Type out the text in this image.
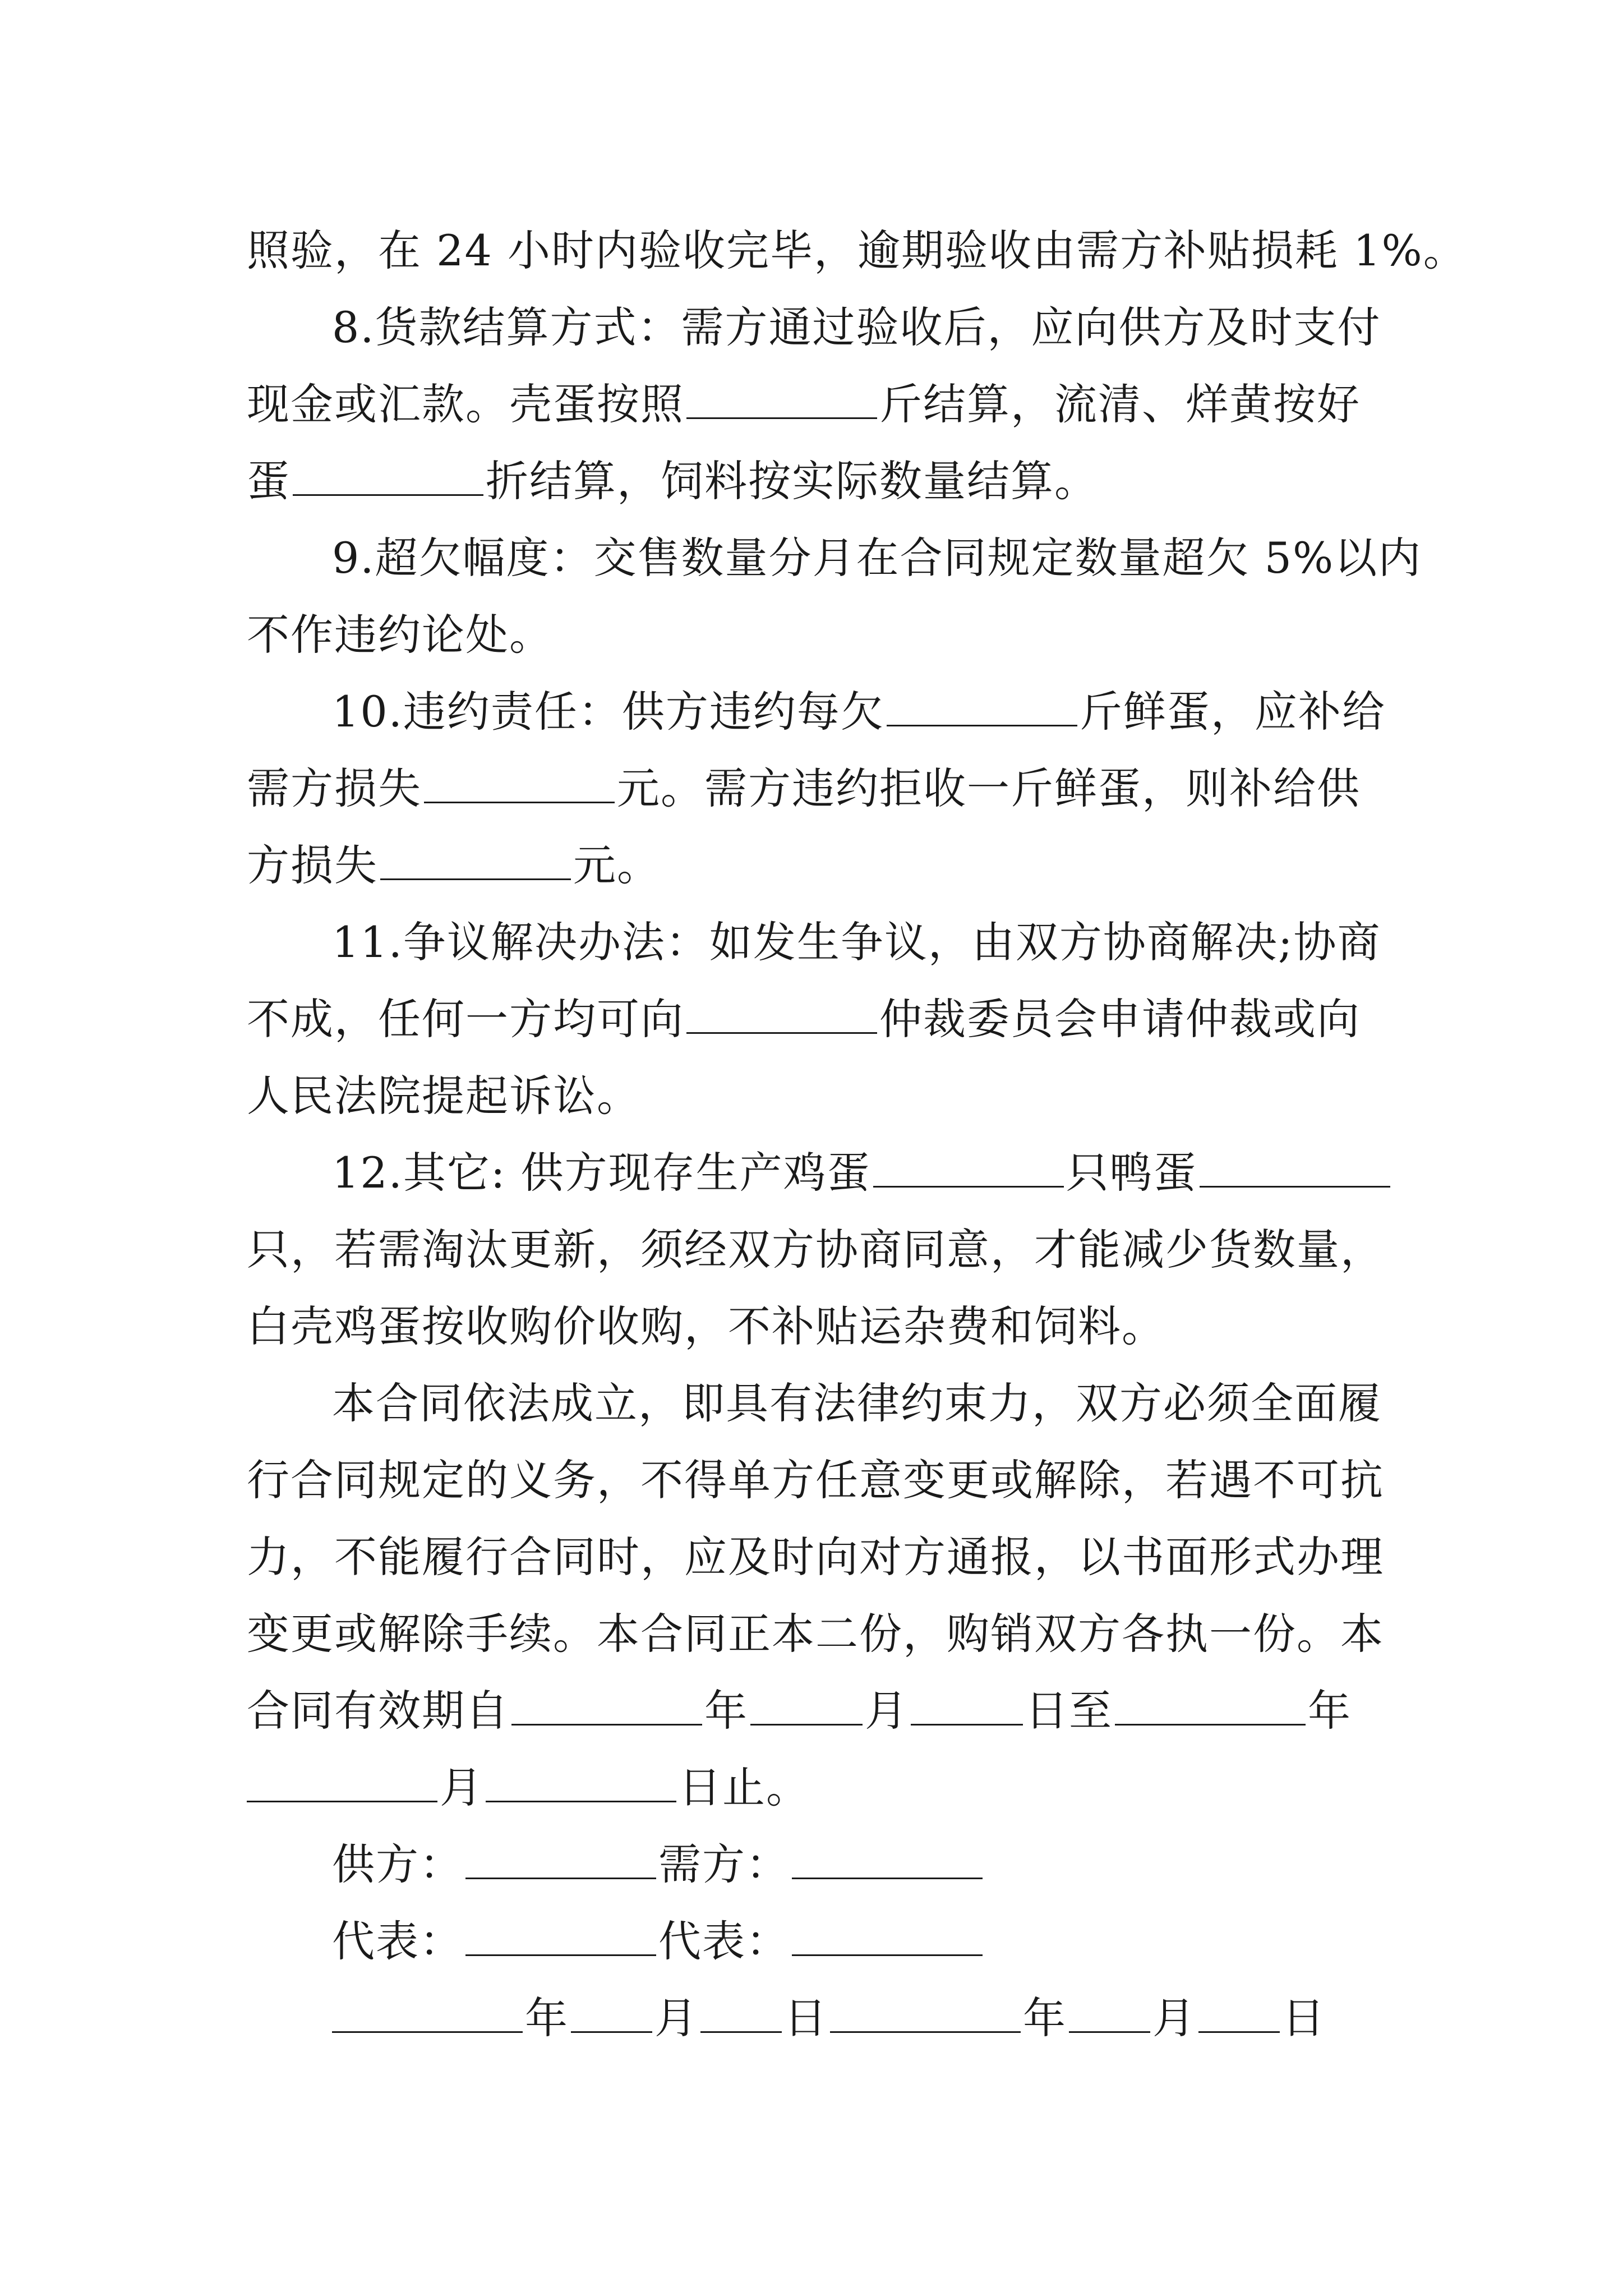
照验，在 24 小时内验收完毕，逾期验收由需方补贴损耗 1%。
8.货款结算方式：需方通过验收后，应向供方及时支付
现金或汇款。壳蛋按照	斤结算，流清、烊黄按好
蛋	折结算，饲料按实际数量结算。
9.超欠幅度：交售数量分月在合同规定数量超欠 5%以内
不作违约论处。
10.违约责任：供方违约每欠	斤鲜蛋，应补给
需方损失	元。需方违约拒收一斤鲜蛋，则补给供
方损失	元。
11.争议解决办法：如发生争议，由双方协商解决;协商
不成，任何一方均可向	仲裁委员会申请仲裁或向
人民法院提起诉讼。
12.其它: 供方现存生产鸡蛋	只鸭蛋
只，若需淘汰更新，须经双方协商同意，才能减少货数量，
白壳鸡蛋按收购价收购，不补贴运杂费和饲料。
本合同依法成立，即具有法律约束力，双方必须全面履
行合同规定的义务，不得单方任意变更或解除，若遇不可抗
力，不能履行合同时，应及时向对方通报，以书面形式办理
变更或解除手续。本合同正本二份，购销双方各执一份。本
合同有效期自	年	月	日至	年
月	日止。
供方：	需方：
代表：	代表：
年 月 日	年 月 日
